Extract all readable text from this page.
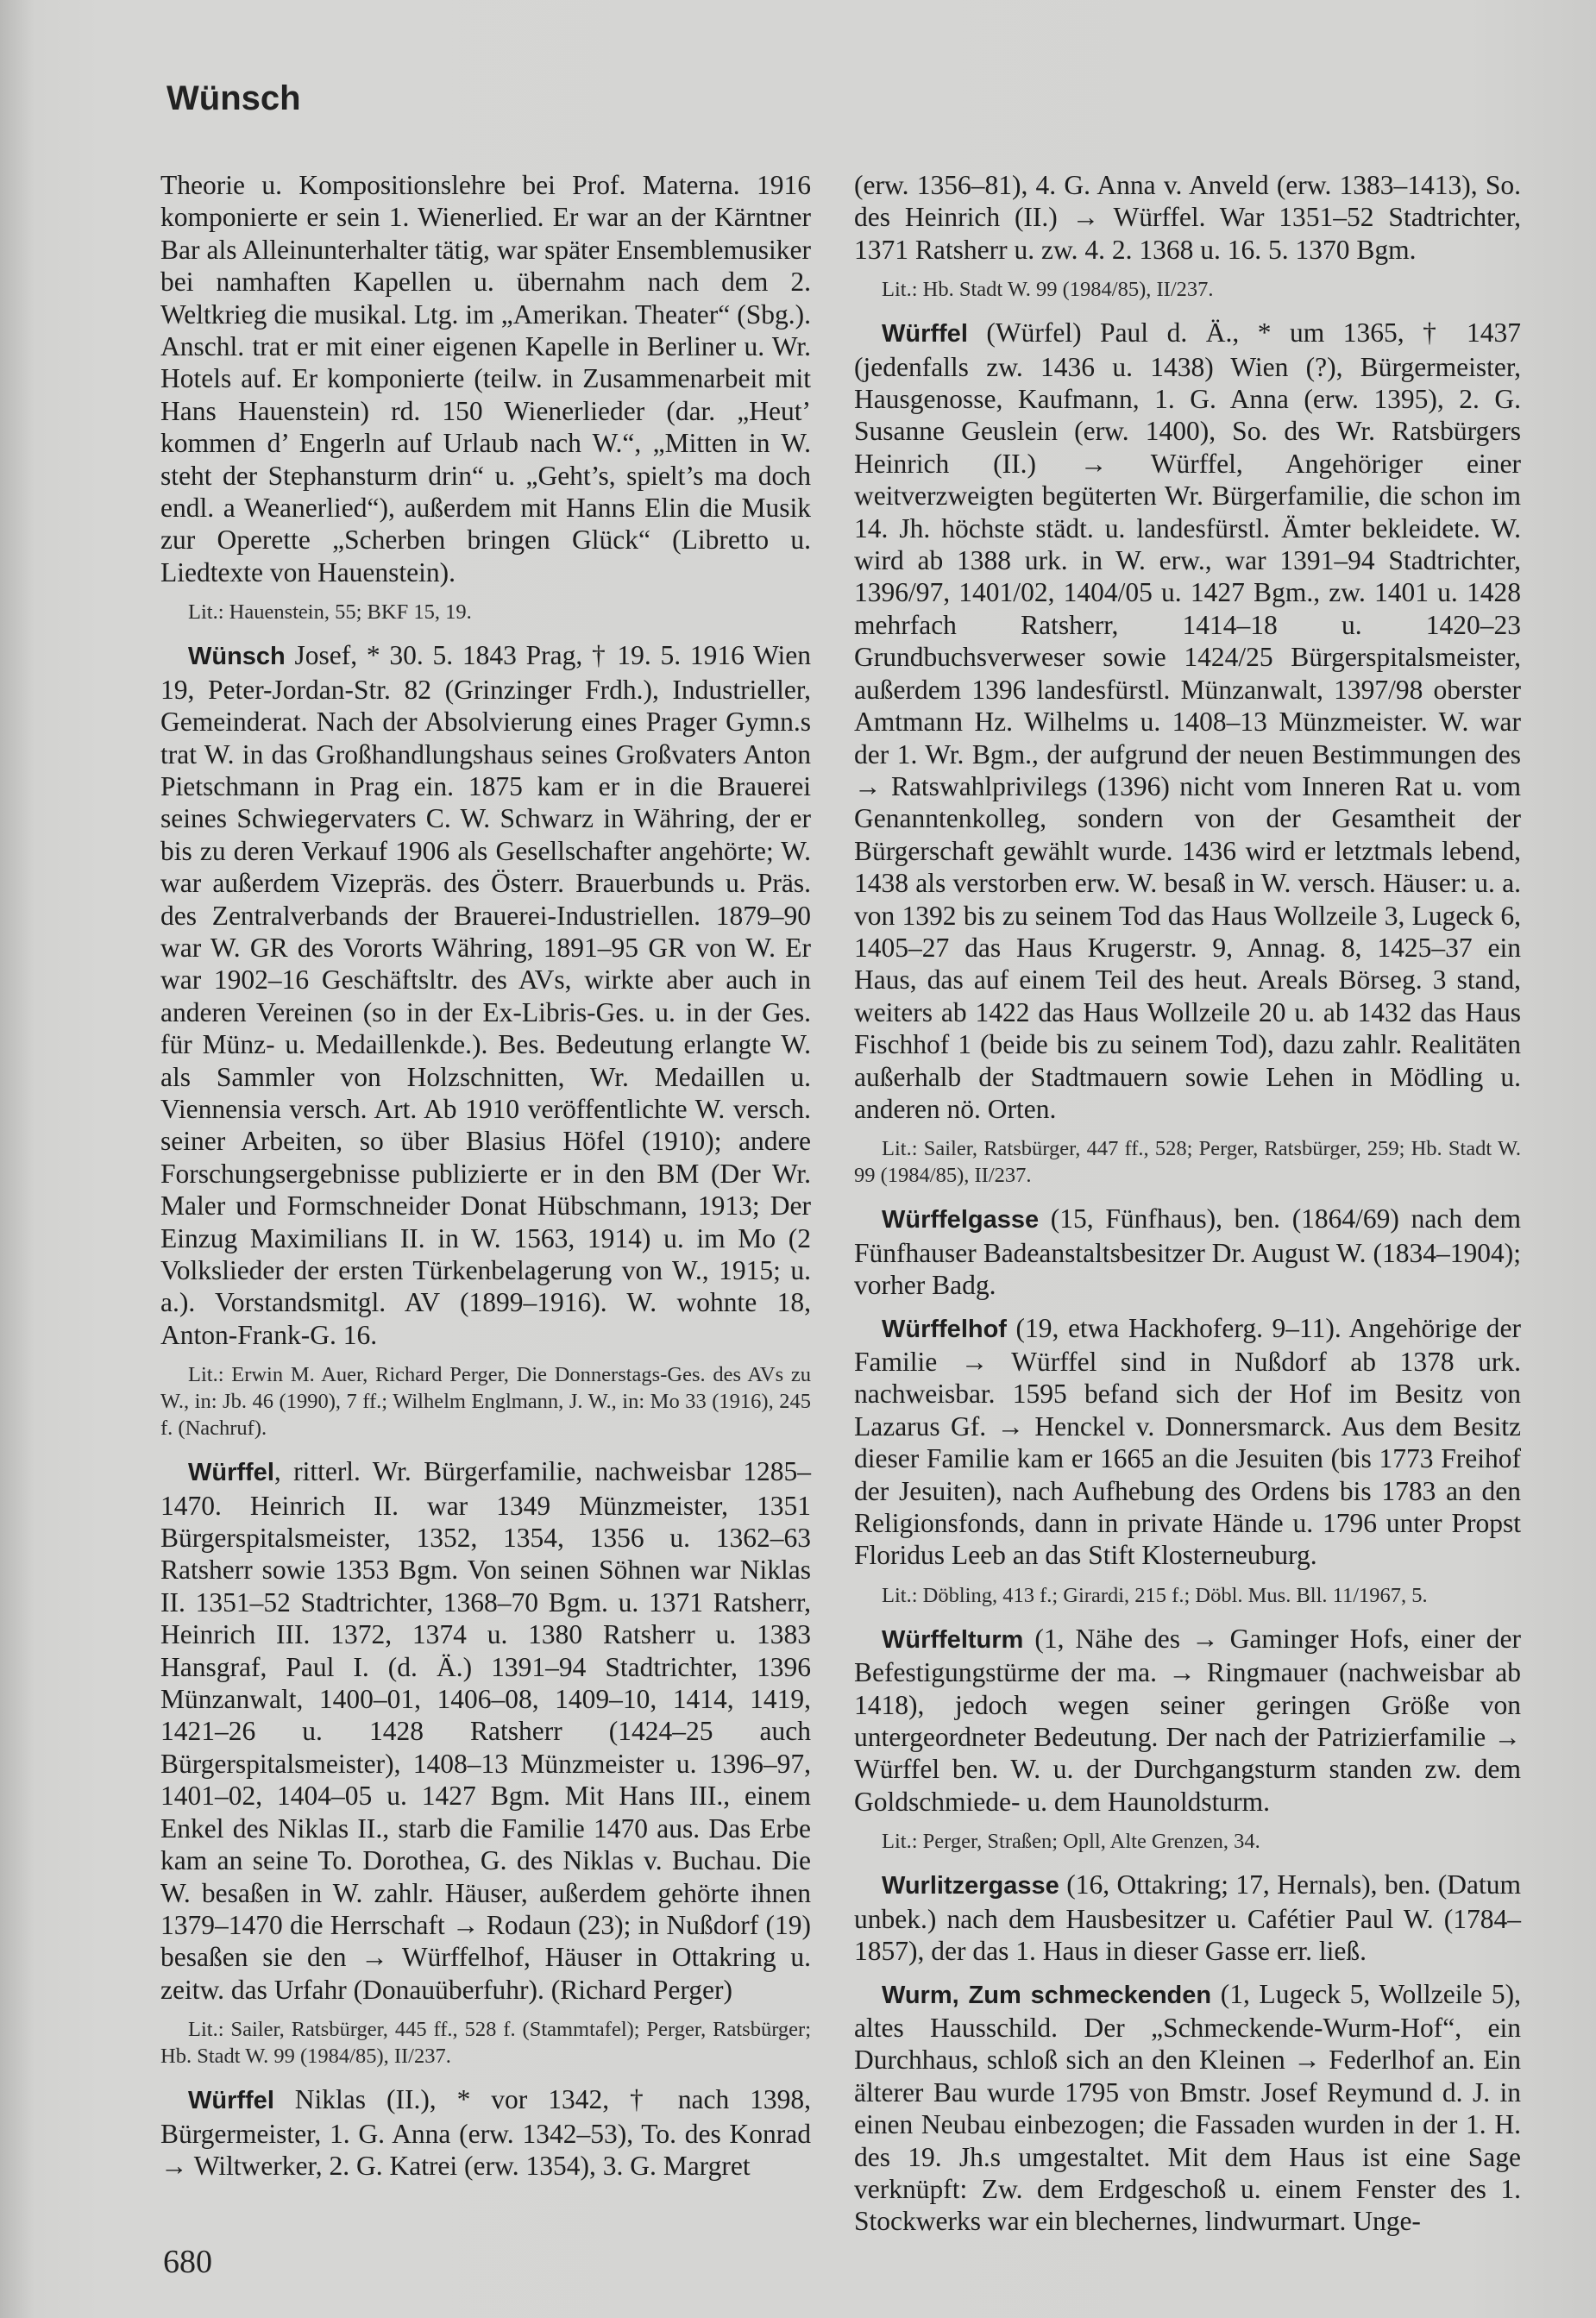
Wünsch

Theorie u. Kompositionslehre bei Prof. Materna. 1916 komponierte er sein 1. Wienerlied. Er war an der Kärntner Bar als Alleinunterhalter tätig, war später Ensemblemusiker bei namhaften Kapellen u. übernahm nach dem 2. Weltkrieg die musikal. Ltg. im „Amerikan. Theater“ (Sbg.). Anschl. trat er mit einer eigenen Kapelle in Berliner u. Wr. Hotels auf. Er komponierte (teilw. in Zusammenarbeit mit Hans Hauenstein) rd. 150 Wienerlieder (dar. „Heut’ kommen d’ Engerln auf Urlaub nach W.“, „Mitten in W. steht der Stephansturm drin“ u. „Geht’s, spielt’s ma doch endl. a Weanerlied“), außerdem mit Hanns Elin die Musik zur Operette „Scherben bringen Glück“ (Libretto u. Liedtexte von Hauenstein).

Lit.: Hauenstein, 55; BKF 15, 19.

Wünsch Josef, * 30. 5. 1843 Prag, † 19. 5. 1916 Wien 19, Peter-Jordan-Str. 82 (Grinzinger Frdh.), Industrieller, Gemeinderat. Nach der Absolvierung eines Prager Gymn.s trat W. in das Großhandlungshaus seines Großvaters Anton Pietschmann in Prag ein. 1875 kam er in die Brauerei seines Schwiegervaters C. W. Schwarz in Währing, der er bis zu deren Verkauf 1906 als Gesellschafter angehörte; W. war außerdem Vizepräs. des Österr. Brauerbunds u. Präs. des Zentralverbands der Brauerei-Industriellen. 1879–90 war W. GR des Vororts Währing, 1891–95 GR von W. Er war 1902–16 Geschäftsltr. des AVs, wirkte aber auch in anderen Vereinen (so in der Ex-Libris-Ges. u. in der Ges. für Münz- u. Medaillenkde.). Bes. Bedeutung erlangte W. als Sammler von Holzschnitten, Wr. Medaillen u. Viennensia versch. Art. Ab 1910 veröffentlichte W. versch. seiner Arbeiten, so über Blasius Höfel (1910); andere Forschungsergebnisse publizierte er in den BM (Der Wr. Maler und Formschneider Donat Hübschmann, 1913; Der Einzug Maximilians II. in W. 1563, 1914) u. im Mo (2 Volkslieder der ersten Türkenbelagerung von W., 1915; u. a.). Vorstandsmitgl. AV (1899–1916). W. wohnte 18, Anton-Frank-G. 16.

Lit.: Erwin M. Auer, Richard Perger, Die Donnerstags-Ges. des AVs zu W., in: Jb. 46 (1990), 7 ff.; Wilhelm Englmann, J. W., in: Mo 33 (1916), 245 f. (Nachruf).

Würffel, ritterl. Wr. Bürgerfamilie, nachweisbar 1285–1470. Heinrich II. war 1349 Münzmeister, 1351 Bürgerspitalsmeister, 1352, 1354, 1356 u. 1362–63 Ratsherr sowie 1353 Bgm. Von seinen Söhnen war Niklas II. 1351–52 Stadtrichter, 1368–70 Bgm. u. 1371 Ratsherr, Heinrich III. 1372, 1374 u. 1380 Ratsherr u. 1383 Hansgraf, Paul I. (d. Ä.) 1391–94 Stadtrichter, 1396 Münzanwalt, 1400–01, 1406–08, 1409–10, 1414, 1419, 1421–26 u. 1428 Ratsherr (1424–25 auch Bürgerspitalsmeister), 1408–13 Münzmeister u. 1396–97, 1401–02, 1404–05 u. 1427 Bgm. Mit Hans III., einem Enkel des Niklas II., starb die Familie 1470 aus. Das Erbe kam an seine To. Dorothea, G. des Niklas v. Buchau. Die W. besaßen in W. zahlr. Häuser, außerdem gehörte ihnen 1379–1470 die Herrschaft → Rodaun (23); in Nußdorf (19) besaßen sie den → Würffelhof, Häuser in Ottakring u. zeitw. das Urfahr (Donauüberfuhr). (Richard Perger)

Lit.: Sailer, Ratsbürger, 445 ff., 528 f. (Stammtafel); Perger, Ratsbürger; Hb. Stadt W. 99 (1984/85), II/237.

Würffel Niklas (II.), * vor 1342, † nach 1398, Bürgermeister, 1. G. Anna (erw. 1342–53), To. des Konrad → Wiltwerker, 2. G. Katrei (erw. 1354), 3. G. Margret

(erw. 1356–81), 4. G. Anna v. Anveld (erw. 1383–1413), So. des Heinrich (II.) → Würffel. War 1351–52 Stadtrichter, 1371 Ratsherr u. zw. 4. 2. 1368 u. 16. 5. 1370 Bgm.

Lit.: Hb. Stadt W. 99 (1984/85), II/237.

Würffel (Würfel) Paul d. Ä., * um 1365, † 1437 (jedenfalls zw. 1436 u. 1438) Wien (?), Bürgermeister, Hausgenosse, Kaufmann, 1. G. Anna (erw. 1395), 2. G. Susanne Geuslein (erw. 1400), So. des Wr. Ratsbürgers Heinrich (II.) → Würffel, Angehöriger einer weitverzweigten begüterten Wr. Bürgerfamilie, die schon im 14. Jh. höchste städt. u. landesfürstl. Ämter bekleidete. W. wird ab 1388 urk. in W. erw., war 1391–94 Stadtrichter, 1396/97, 1401/02, 1404/05 u. 1427 Bgm., zw. 1401 u. 1428 mehrfach Ratsherr, 1414–18 u. 1420–23 Grundbuchsverweser sowie 1424/25 Bürgerspitalsmeister, außerdem 1396 landesfürstl. Münzanwalt, 1397/98 oberster Amtmann Hz. Wilhelms u. 1408–13 Münzmeister. W. war der 1. Wr. Bgm., der aufgrund der neuen Bestimmungen des → Ratswahlprivilegs (1396) nicht vom Inneren Rat u. vom Genanntenkolleg, sondern von der Gesamtheit der Bürgerschaft gewählt wurde. 1436 wird er letztmals lebend, 1438 als verstorben erw. W. besaß in W. versch. Häuser: u. a. von 1392 bis zu seinem Tod das Haus Wollzeile 3, Lugeck 6, 1405–27 das Haus Krugerstr. 9, Annag. 8, 1425–37 ein Haus, das auf einem Teil des heut. Areals Börseg. 3 stand, weiters ab 1422 das Haus Wollzeile 20 u. ab 1432 das Haus Fischhof 1 (beide bis zu seinem Tod), dazu zahlr. Realitäten außerhalb der Stadtmauern sowie Lehen in Mödling u. anderen nö. Orten.

Lit.: Sailer, Ratsbürger, 447 ff., 528; Perger, Ratsbürger, 259; Hb. Stadt W. 99 (1984/85), II/237.

Würffelgasse (15, Fünfhaus), ben. (1864/69) nach dem Fünfhauser Badeanstaltsbesitzer Dr. August W. (1834–1904); vorher Badg.

Würffelhof (19, etwa Hackhoferg. 9–11). Angehörige der Familie → Würffel sind in Nußdorf ab 1378 urk. nachweisbar. 1595 befand sich der Hof im Besitz von Lazarus Gf. → Henckel v. Donnersmarck. Aus dem Besitz dieser Familie kam er 1665 an die Jesuiten (bis 1773 Freihof der Jesuiten), nach Aufhebung des Ordens bis 1783 an den Religionsfonds, dann in private Hände u. 1796 unter Propst Floridus Leeb an das Stift Klosterneuburg.

Lit.: Döbling, 413 f.; Girardi, 215 f.; Döbl. Mus. Bll. 11/1967, 5.

Würffelturm (1, Nähe des → Gaminger Hofs, einer der Befestigungstürme der ma. → Ringmauer (nachweisbar ab 1418), jedoch wegen seiner geringen Größe von untergeordneter Bedeutung. Der nach der Patrizierfamilie → Würffel ben. W. u. der Durchgangsturm standen zw. dem Goldschmiede- u. dem Haunoldsturm.

Lit.: Perger, Straßen; Opll, Alte Grenzen, 34.

Wurlitzergasse (16, Ottakring; 17, Hernals), ben. (Datum unbek.) nach dem Hausbesitzer u. Cafétier Paul W. (1784–1857), der das 1. Haus in dieser Gasse err. ließ.

Wurm, Zum schmeckenden (1, Lugeck 5, Wollzeile 5), altes Hausschild. Der „Schmeckende-Wurm-Hof“, ein Durchhaus, schloß sich an den Kleinen → Federlhof an. Ein älterer Bau wurde 1795 von Bmstr. Josef Reymund d. J. in einen Neubau einbezogen; die Fassaden wurden in der 1. H. des 19. Jh.s umgestaltet. Mit dem Haus ist eine Sage verknüpft: Zw. dem Erdgeschoß u. einem Fenster des 1. Stockwerks war ein blechernes, lindwurmart. Unge-

680
